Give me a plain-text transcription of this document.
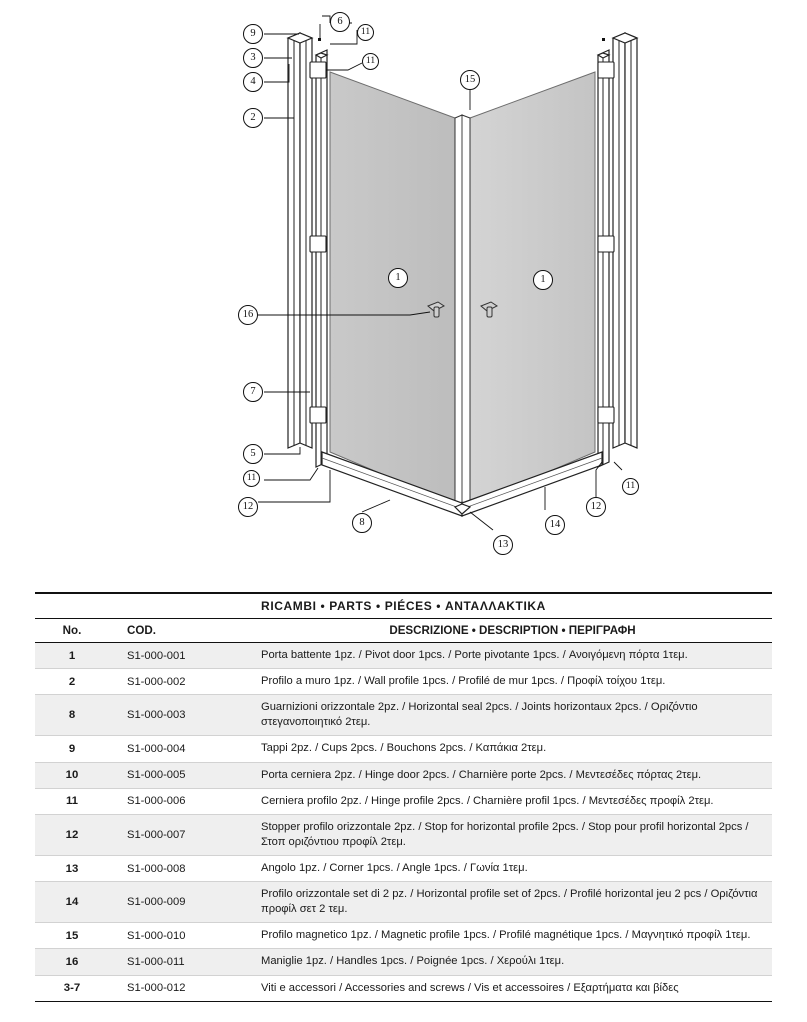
9
3
4
2
6
11
11
15
1	1
16
7
5
11
12
8
13
14
12
11
RICAMBI • PARTS • PIÉCES • ΑΝΤΑΛΛΑΚΤΙΚΑ		
No.	COD.	DESCRIZIONE • DESCRIPTION • ΠΕΡΙΓΡΑΦΗ
1	S1-000-001	Porta battente 1pz. / Pivot door 1pcs. / Porte pivotante 1pcs. / Ανοιγόμενη πόρτα 1τεμ.
2	S1-000-002	Profilo a muro 1pz. / Wall profile 1pcs. / Profilé de mur 1pcs. / Προφίλ τοίχου 1τεμ.
8	S1-000-003	Guarnizioni orizzontale 2pz. / Horizontal seal 2pcs. / Joints horizontaux 2pcs. / Οριζόντιο στεγανοποιητικό 2τεμ.
9	S1-000-004	Tappi 2pz. / Cups 2pcs. / Bouchons 2pcs. / Καπάκια 2τεμ.
10	S1-000-005	Porta cerniera 2pz. / Hinge door 2pcs. / Charnière porte 2pcs. / Μεντεσέδες πόρτας 2τεμ.
11	S1-000-006	Cerniera profilo 2pz. / Hinge profile 2pcs. / Charnière profil 1pcs. / Μεντεσέδες προφίλ 2τεμ.
12	S1-000-007	Stopper profilo orizzontale 2pz. / Stop for horizontal profile 2pcs. / Stop pour profil horizontal 2pcs / Στοπ οριζόντιου προφίλ 2τεμ.
13	S1-000-008	Angolo 1pz. / Corner 1pcs. / Angle 1pcs. / Γωνία 1τεμ.
14	S1-000-009	Profilo orizzontale set di 2 pz. / Horizontal profile set of 2pcs. / Profilé horizontal jeu 2 pcs / Οριζόντια προφίλ σετ 2 τεμ.
15	S1-000-010	Profilo magnetico 1pz. / Magnetic profile 1pcs. / Profilé magnétique 1pcs. / Μαγνητικό προφίλ 1τεμ.
16	S1-000-011	Maniglie 1pz. / Handles 1pcs. / Poignée 1pcs. / Χερούλι 1τεμ.
3-7	S1-000-012	Viti e accessori / Accessories and screws / Vis et accessoires / Εξαρτήματα και βίδες
